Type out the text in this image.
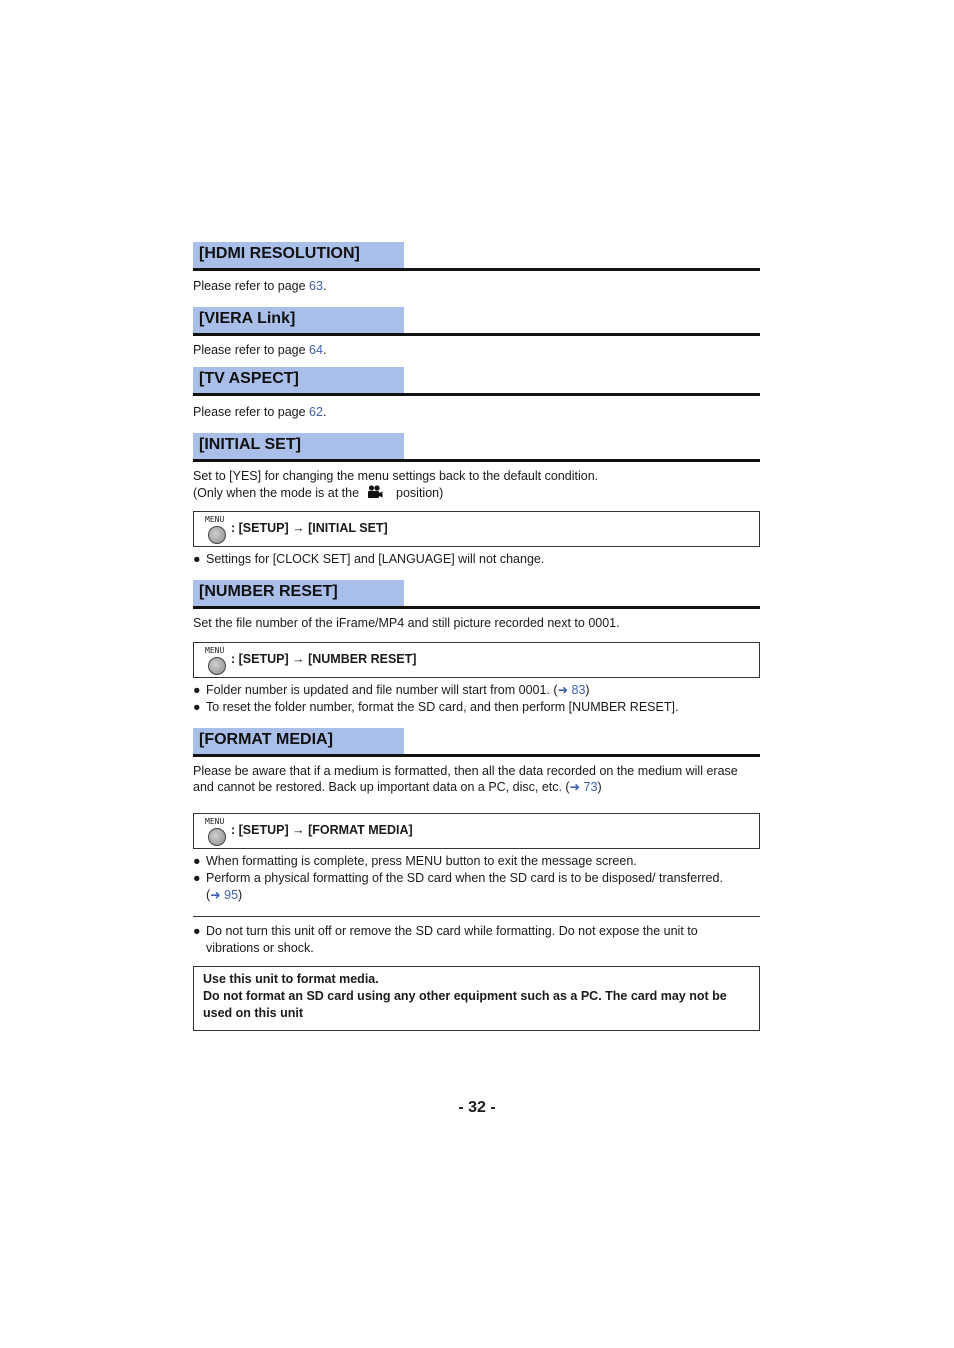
[HDMI RESOLUTION]
Please refer to page 63.
[VIERA Link]
Please refer to page 64.
[TV ASPECT]
Please refer to page 62.
[INITIAL SET]
Set to [YES] for changing the menu settings back to the default condition.
(Only when the mode is at the	position)
MENU
: [SETUP] → [INITIAL SET]
● Settings for [CLOCK SET] and [LANGUAGE] will not change.
[NUMBER RESET]
Set the file number of the iFrame/MP4 and still picture recorded next to 0001.
MENU
: [SETUP] → [NUMBER RESET]
● Folder number is updated and file number will start from 0001. (➜ 83)
● To reset the folder number, format the SD card, and then perform [NUMBER RESET].
[FORMAT MEDIA]
Please be aware that if a medium is formatted, then all the data recorded on the medium will erase
and cannot be restored. Back up important data on a PC, disc, etc. (➜ 73)
MENU
: [SETUP] → [FORMAT MEDIA]
● When formatting is complete, press MENU button to exit the message screen.
● Perform a physical formatting of the SD card when the SD card is to be disposed/ transferred.
(➜ 95)
● Do not turn this unit off or remove the SD card while formatting. Do not expose the unit to
vibrations or shock.
Use this unit to format media.
Do not format an SD card using any other equipment such as a PC. The card may not be
used on this unit
- 32 -
